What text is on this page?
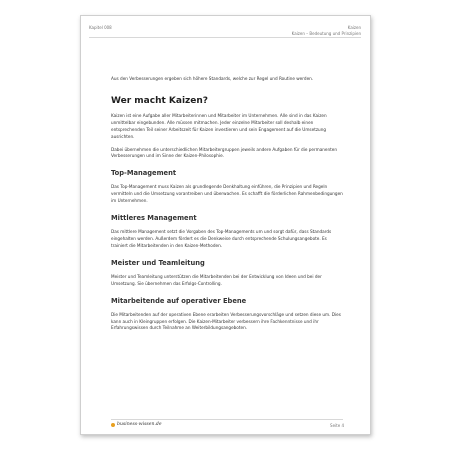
Kapitel 008	Kaizen
Kaizen – Bedeutung und Prinzipien

Aus den Verbesserungen ergeben sich höhere Standards, welche zur Regel und Routine werden.

Wer macht Kaizen?

Kaizen ist eine Aufgabe aller Mitarbeiterinnen und Mitarbeiter im Unternehmen. Alle sind in das Kaizen unmittelbar eingebunden. Alle müssen mitmachen. Jeder einzelne Mitarbeiter soll deshalb einen entsprechenden Teil seiner Arbeitszeit für Kaizen investieren und sein Engagement auf die Umsetzung ausrichten.

Dabei übernehmen die unterschiedlichen Mitarbeitergruppen jeweils andere Aufgaben für die permanenten Verbesserungen und im Sinne der Kaizen-Philosophie.

Top-Management

Das Top-Management muss Kaizen als grundlegende Denkhaltung einführen, die Prinzipien und Regeln vermitteln und die Umsetzung vorantreiben und überwachen. Es schafft die förderlichen Rahmenbedingungen im Unternehmen.

Mittleres Management

Das mittlere Management setzt die Vorgaben des Top-Managements um und sorgt dafür, dass Standards eingehalten werden. Außerdem fördert es die Denkweise durch entsprechende Schulungsangebote. Es trainiert die Mitarbeitenden in den Kaizen-Methoden.

Meister und Teamleitung

Meister und Teamleitung unterstützen die Mitarbeitenden bei der Entwicklung von Ideen und bei der Umsetzung. Sie übernehmen das Erfolgs-Controlling.

Mitarbeitende auf operativer Ebene

Die Mitarbeitenden auf der operativen Ebene erarbeiten Verbesserungsvorschläge und setzen diese um. Dies kann auch in Kleingruppen erfolgen. Die Kaizen-Mitarbeiter verbessern ihre Fachkenntnisse und ihr Erfahrungswissen durch Teilnahme an Weiterbildungsangeboten.

business-wissen.de	Seite 4
